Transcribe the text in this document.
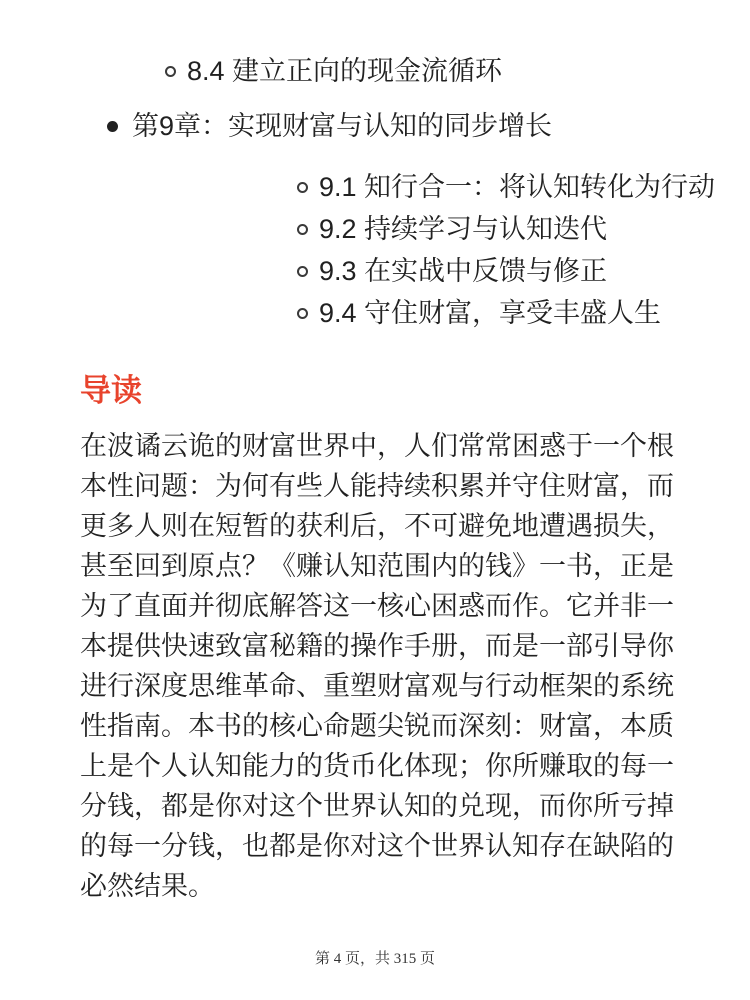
8.4 建立正向的现金流循环
第9章：实现财富与认知的同步增长
9.1 知行合一：将认知转化为行动
9.2 持续学习与认知迭代
9.3 在实战中反馈与修正
9.4 守住财富，享受丰盛人生
导读

在波谲云诡的财富世界中，人们常常困惑于一个根本性问题：为何有些人能持续积累并守住财富，而更多人则在短暂的获利后，不可避免地遭遇损失，甚至回到原点？《赚认知范围内的钱》一书，正是为了直面并彻底解答这一核心困惑而作。它并非一本提供快速致富秘籍的操作手册，而是一部引导你进行深度思维革命、重塑财富观与行动框架的系统性指南。本书的核心命题尖锐而深刻：财富，本质上是个人认知能力的货币化体现；你所赚取的每一分钱，都是你对这个世界认知的兑现，而你所亏掉的每一分钱，也都是你对这个世界认知存在缺陷的必然结果。

第 4 页，共 315 页
